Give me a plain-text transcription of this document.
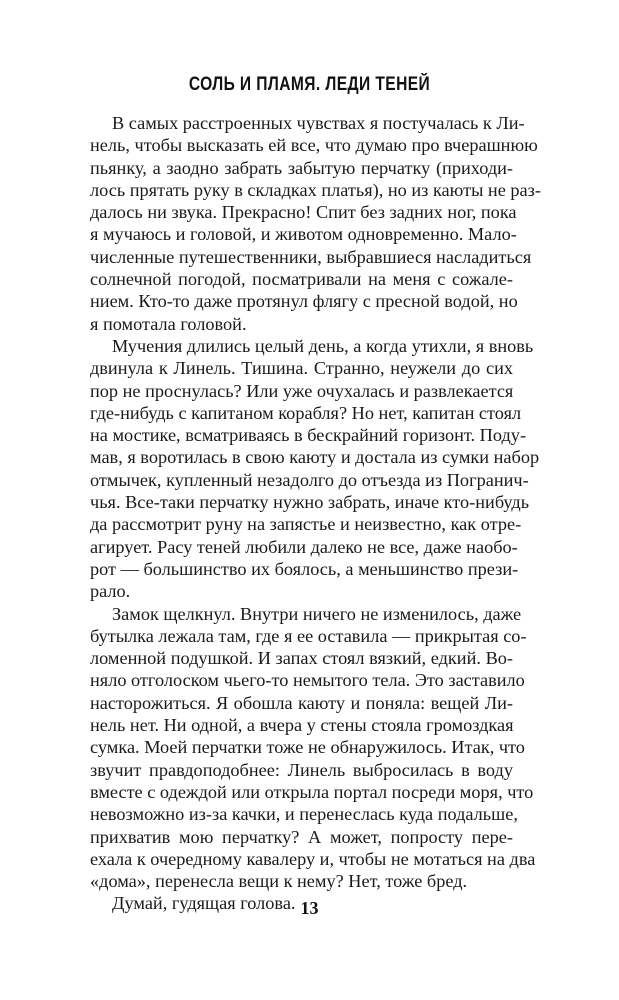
СОЛЬ И ПЛАМЯ. ЛЕДИ ТЕНЕЙ
В самых расстроенных чувствах я постучалась к Ли-
нель, чтобы высказать ей все, что думаю про вчерашнюю
пьянку, а заодно забрать забытую перчатку (приходи-
лось прятать руку в складках платья), но из каюты не раз-
далось ни звука. Прекрасно! Спит без задних ног, пока
я мучаюсь и головой, и животом одновременно. Мало-
численные путешественники, выбравшиеся насладиться
солнечной погодой, посматривали на меня с сожале-
нием. Кто-то даже протянул флягу с пресной водой, но
я помотала головой.
Мучения длились целый день, а когда утихли, я вновь
двинула к Линель. Тишина. Странно, неужели до сих
пор не проснулась? Или уже очухалась и развлекается
где-нибудь с капитаном корабля? Но нет, капитан стоял
на мостике, всматриваясь в бескрайний горизонт. Поду-
мав, я воротилась в свою каюту и достала из сумки набор
отмычек, купленный незадолго до отъезда из Погранич-
чья. Все-таки перчатку нужно забрать, иначе кто-нибудь
да рассмотрит руну на запястье и неизвестно, как отре-
агирует. Расу теней любили далеко не все, даже наобо-
рот — большинство их боялось, а меньшинство прези-
рало.
Замок щелкнул. Внутри ничего не изменилось, даже
бутылка лежала там, где я ее оставила — прикрытая со-
ломенной подушкой. И запах стоял вязкий, едкий. Во-
няло отголоском чьего-то немытого тела. Это заставило
насторожиться. Я обошла каюту и поняла: вещей Ли-
нель нет. Ни одной, а вчера у стены стояла громоздкая
сумка. Моей перчатки тоже не обнаружилось. Итак, что
звучит правдоподобнее: Линель выбросилась в воду
вместе с одеждой или открыла портал посреди моря, что
невозможно из-за качки, и перенеслась куда подальше,
прихватив мою перчатку? А может, попросту пере-
ехала к очередному кавалеру и, чтобы не мотаться на два
«дома», перенесла вещи к нему? Нет, тоже бред.
Думай, гудящая голова. 13
